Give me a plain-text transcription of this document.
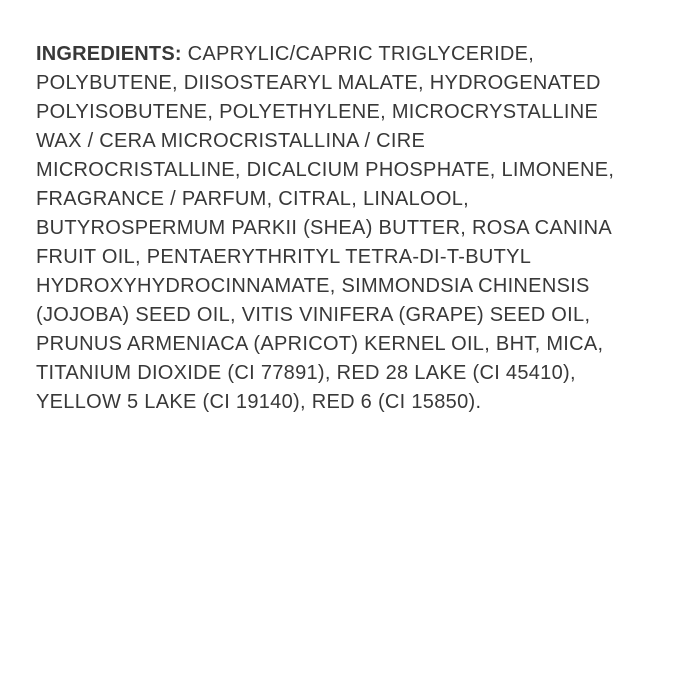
INGREDIENTS: CAPRYLIC/CAPRIC TRIGLYCERIDE,
POLYBUTENE, DIISOSTEARYL MALATE, HYDROGENATED
POLYISOBUTENE, POLYETHYLENE, MICROCRYSTALLINE
WAX / CERA MICROCRISTALLINA / CIRE
MICROCRISTALLINE, DICALCIUM PHOSPHATE, LIMONENE,
FRAGRANCE / PARFUM, CITRAL, LINALOOL,
BUTYROSPERMUM PARKII (SHEA) BUTTER, ROSA CANINA
FRUIT OIL, PENTAERYTHRITYL TETRA-DI-T-BUTYL
HYDROXYHYDROCINNAMATE, SIMMONDSIA CHINENSIS
(JOJOBA) SEED OIL, VITIS VINIFERA (GRAPE) SEED OIL,
PRUNUS ARMENIACA (APRICOT) KERNEL OIL, BHT, MICA,
TITANIUM DIOXIDE (CI 77891), RED 28 LAKE (CI 45410),
YELLOW 5 LAKE (CI 19140), RED 6 (CI 15850).
